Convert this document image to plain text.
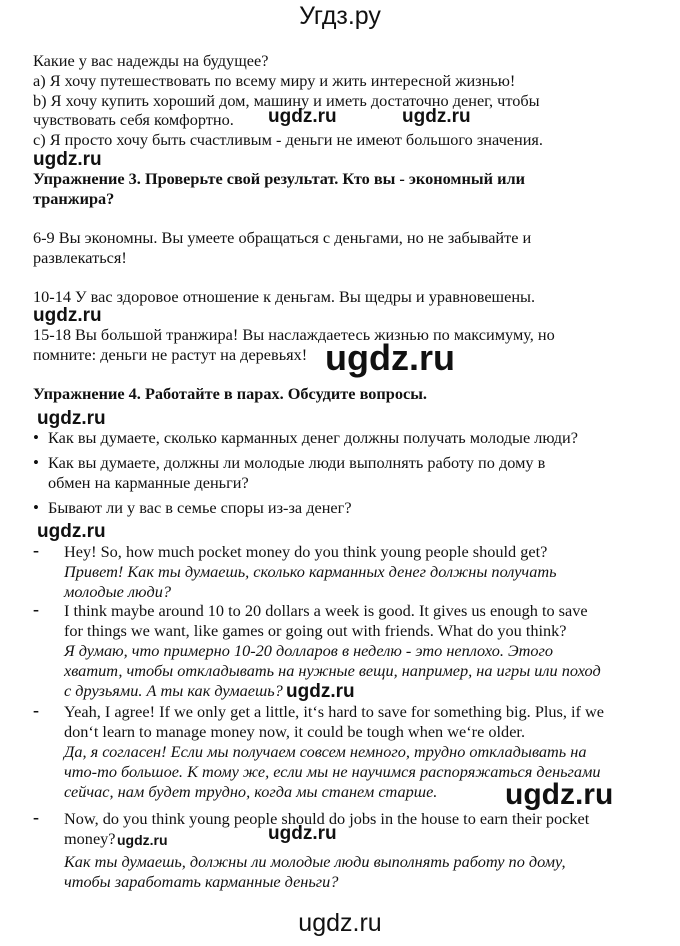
Угдз.ру
Какие у вас надежды на будущее?
a) Я хочу путешествовать по всему миру и жить интересной жизнью!
b) Я хочу купить хороший дом, машину и иметь достаточно денег, чтобы
чувствовать себя комфортно.
c) Я просто хочу быть счастливым - деньги не имеют большого значения.
ugdz.ru	ugdz.ru
ugdz.ru
Упражнение 3. Проверьте свой результат. Кто вы - экономный или
транжира?
6-9 Вы экономны. Вы умеете обращаться с деньгами, но не забывайте и
развлекаться!
10-14 У вас здоровое отношение к деньгам. Вы щедры и уравновешены.
ugdz.ru
15-18 Вы большой транжира! Вы наслаждаетесь жизнью по максимуму, но
помните: деньги не растут на деревьях! ugdz.ru
Упражнение 4. Работайте в парах. Обсудите вопросы.
ugdz.ru
• Как вы думаете, сколько карманных денег должны получать молодые люди?
• Как вы думаете, должны ли молодые люди выполнять работу по дому в
обмен на карманные деньги?
• Бывают ли у вас в семье споры из-за денег?
ugdz.ru
- Hey! So, how much pocket money do you think young people should get?
Привет! Как ты думаешь, сколько карманных денег должны получать
молодые люди?
- I think maybe around 10 to 20 dollars a week is good. It gives us enough to save
for things we want, like games or going out with friends. What do you think?
Я думаю, что примерно 10-20 долларов в неделю - это неплохо. Этого
хватит, чтобы откладывать на нужные вещи, например, на игры или поход
с друзьями. А ты как думаешь? ugdz.ru
- Yeah, I agree! If we only get a little, it‘s hard to save for something big. Plus, if we
don‘t learn to manage money now, it could be tough when we‘re older.
Да, я согласен! Если мы получаем совсем немного, трудно откладывать на
что-то большое. К тому же, если мы не научимся распоряжаться деньгами
сейчас, нам будет трудно, когда мы станем старше. ugdz.ru
- Now, do you think young people should do jobs in the house to earn their pocket
money? ugdz.ru	ugdz.ru
Как ты думаешь, должны ли молодые люди выполнять работу по дому,
чтобы заработать карманные деньги?
ugdz.ru
